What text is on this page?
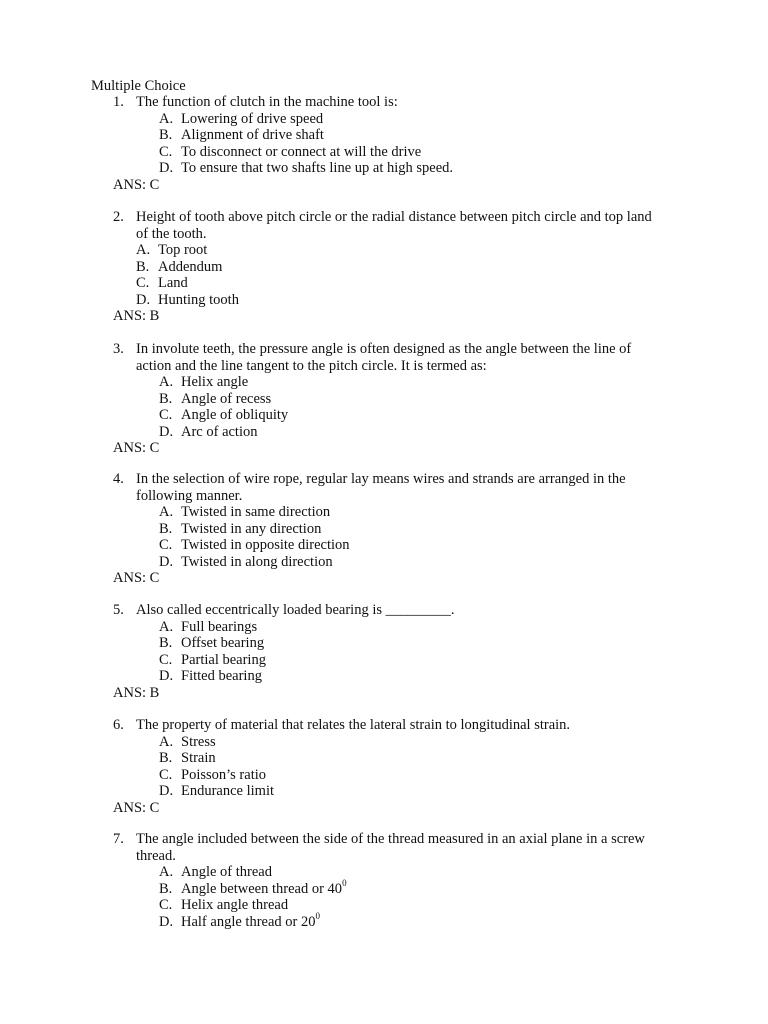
Multiple Choice
1. The function of clutch in the machine tool is:
A. Lowering of drive speed
B. Alignment of drive shaft
C. To disconnect or connect at will the drive
D. To ensure that two shafts line up at high speed.
ANS: C
2. Height of tooth above pitch circle or the radial distance between pitch circle and top land of the tooth.
A. Top root
B. Addendum
C. Land
D. Hunting tooth
ANS: B
3. In involute teeth, the pressure angle is often designed as the angle between the line of action and the line tangent to the pitch circle. It is termed as:
A. Helix angle
B. Angle of recess
C. Angle of obliquity
D. Arc of action
ANS: C
4. In the selection of wire rope, regular lay means wires and strands are arranged in the following manner.
A. Twisted in same direction
B. Twisted in any direction
C. Twisted in opposite direction
D. Twisted in along direction
ANS: C
5. Also called eccentrically loaded bearing is _________.
A. Full bearings
B. Offset bearing
C. Partial bearing
D. Fitted bearing
ANS: B
6. The property of material that relates the lateral strain to longitudinal strain.
A. Stress
B. Strain
C. Poisson’s ratio
D. Endurance limit
ANS: C
7. The angle included between the side of the thread measured in an axial plane in a screw thread.
A. Angle of thread
B. Angle between thread or $40^0$
C. Helix angle thread
D. Half angle thread or $20^0$
